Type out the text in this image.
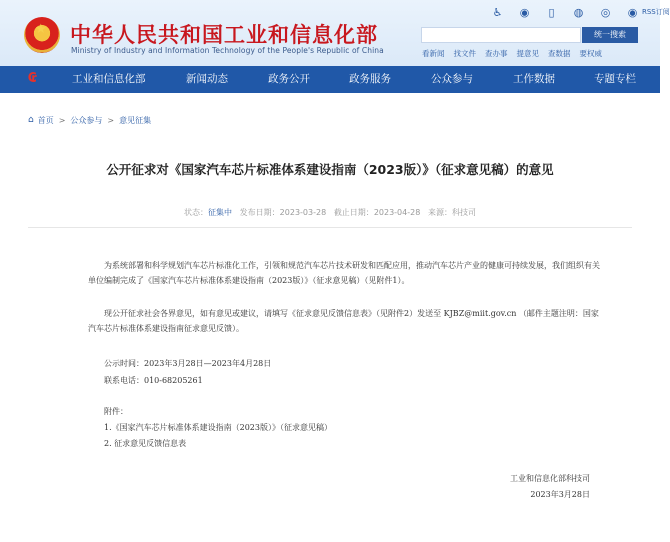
★ 中华人民共和国工业和信息化部
Ministry of Industry and Information Technology of the People's Republic of China
♿ ◉ ▯ ◍ ◎ ◉ RSS订阅
统一搜索
看新闻 找文件 查办事 提意见 查数据 要权威
₢	工业和信息化部	新闻动态	政务公开	政务服务	公众参与	工作数据	专题专栏
⌂ 首页 > 公众参与 > 意见征集
公开征求对《国家汽车芯片标准体系建设指南（2023版）》（征求意见稿）的意见
状态：征集中 发布日期：2023-03-28 截止日期：2023-04-28 来源：科技司
为系统部署和科学规划汽车芯片标准化工作，引领和规范汽车芯片技术研发和匹配应用，推动汽车芯片产业的健康可持续发展，我们组织有关单位编制完成了《国家汽车芯片标准体系建设指南（2023版）》（征求意见稿）（见附件1）。
现公开征求社会各界意见，如有意见或建议，请填写《征求意见反馈信息表》（见附件2）发送至 KJBZ@miit.gov.cn （邮件主题注明：国家汽车芯片标准体系建设指南征求意见反馈）。
公示时间：2023年3月28日—2023年4月28日
联系电话：010-68205261
附件：
1.《国家汽车芯片标准体系建设指南（2023版）》（征求意见稿）
2. 征求意见反馈信息表
工业和信息化部科技司
2023年3月28日
